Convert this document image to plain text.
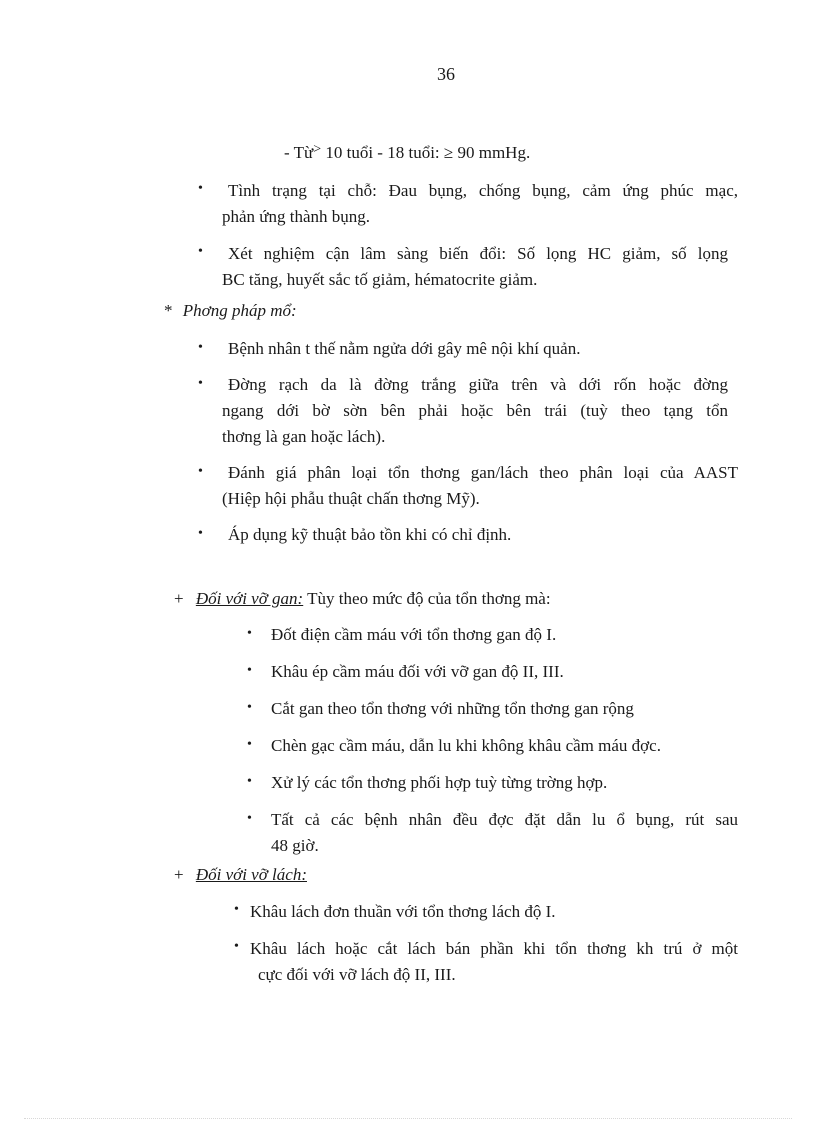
36
- Từ> 10 tuổi - 18 tuổi: ≥ 90 mmHg.
•	Tình trạng tại chỗ: Đau bụng, chống bụng, cảm ứng phúc mạc,
phản ứng thành bụng.
•	Xét nghiệm cận lâm sàng biến đổi: Số lọng HC giảm, số lọng
BC tăng, huyết sắc tố giảm, hématocrite giảm.
* Phơng pháp mổ:
•	Bệnh nhân t thế nằm ngửa dới gây mê nội khí quản.
•	Đờng rạch da là đờng trắng giữa trên và dới rốn hoặc đờng
ngang dới bờ sờn bên phải hoặc bên trái (tuỳ theo tạng tổn
thơng là gan hoặc lách).
•	Đánh giá phân loại tổn thơng gan/lách theo phân loại của AAST
(Hiệp hội phẫu thuật chấn thơng Mỹ).
•	Áp dụng kỹ thuật bảo tồn khi có chỉ định.
+ Đối với vỡ gan: Tùy theo mức độ của tổn thơng mà:
• Đốt điện cầm máu với tổn thơng gan độ I.
• Khâu ép cầm máu đối với vỡ gan độ II, III.
• Cắt gan theo tổn thơng với những tổn thơng gan rộng
• Chèn gạc cầm máu, dẫn lu khi không khâu cầm máu đợc.
• Xử lý các tổn thơng phối hợp tuỳ từng trờng hợp.
• Tất cả các bệnh nhân đều đợc đặt dẫn lu ổ bụng, rút sau
48 giờ.
+ Đối với vỡ lách:
• Khâu lách đơn thuần với tổn thơng lách độ I.
• Khâu lách hoặc cắt lách bán phần khi tổn thơng kh trú ở một
cực đối với vỡ lách độ II, III.
